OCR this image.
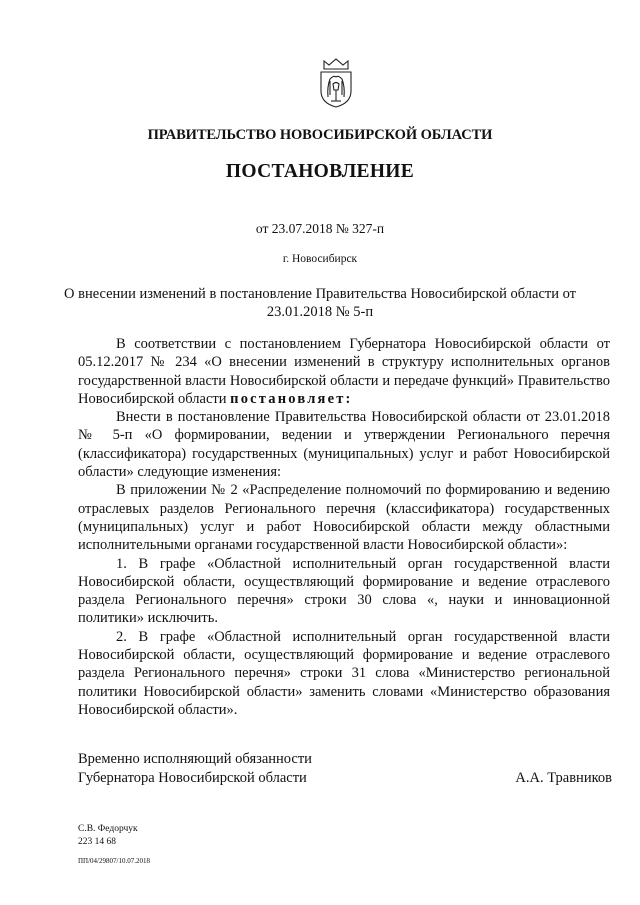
ПРАВИТЕЛЬСТВО НОВОСИБИРСКОЙ ОБЛАСТИ
ПОСТАНОВЛЕНИЕ
от 23.07.2018 № 327-п
г. Новосибирск
О внесении изменений в постановление Правительства Новосибирской области от 23.01.2018 № 5-п

В соответствии с постановлением Губернатора Новосибирской области от 05.12.2017 № 234 «О внесении изменений в структуру исполнительных органов государственной власти Новосибирской области и передаче функций» Правительство Новосибирской области постановляет:

Внести в постановление Правительства Новосибирской области от 23.01.2018 № 5-п «О формировании, ведении и утверждении Регионального перечня (классификатора) государственных (муниципальных) услуг и работ Новосибирской области» следующие изменения:

В приложении № 2 «Распределение полномочий по формированию и ведению отраслевых разделов Регионального перечня (классификатора) государственных (муниципальных) услуг и работ Новосибирской области между областными исполнительными органами государственной власти Новосибирской области»:

1. В графе «Областной исполнительный орган государственной власти Новосибирской области, осуществляющий формирование и ведение отраслевого раздела Регионального перечня» строки 30 слова «, науки и инновационной политики» исключить.

2. В графе «Областной исполнительный орган государственной власти Новосибирской области, осуществляющий формирование и ведение отраслевого раздела Регионального перечня» строки 31 слова «Министерство региональной политики Новосибирской области» заменить словами «Министерство образования Новосибирской области».

Временно исполняющий обязанности
Губернатора Новосибирской области	А.А. Травников
С.В. Федорчук
223 14 68
ПП/04/29807/10.07.2018
